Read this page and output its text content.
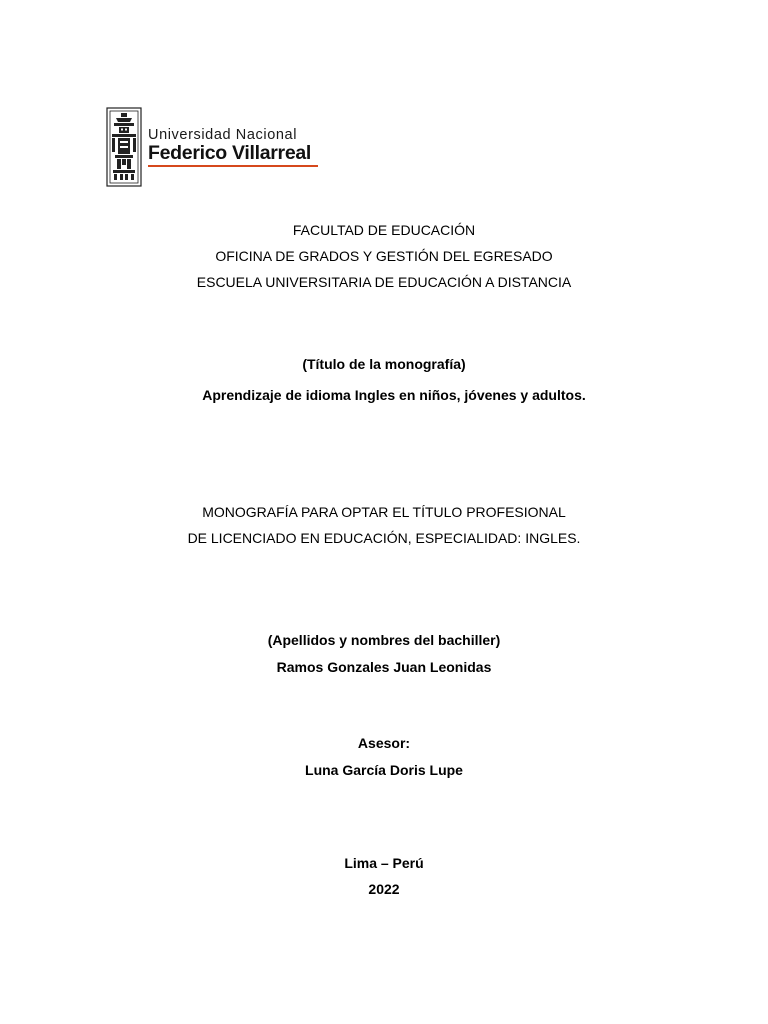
Universidad Nacional
Federico Villarreal
FACULTAD DE EDUCACIÓN
OFICINA DE GRADOS Y GESTIÓN DEL EGRESADO
ESCUELA UNIVERSITARIA DE EDUCACIÓN A DISTANCIA
(Título de la monografía)
Aprendizaje de idioma Ingles en niños, jóvenes y adultos.
MONOGRAFÍA PARA OPTAR EL TÍTULO PROFESIONAL
DE LICENCIADO EN EDUCACIÓN, ESPECIALIDAD: INGLES.
(Apellidos y nombres del bachiller)
Ramos Gonzales Juan Leonidas
Asesor:
Luna García Doris Lupe
Lima – Perú
2022
